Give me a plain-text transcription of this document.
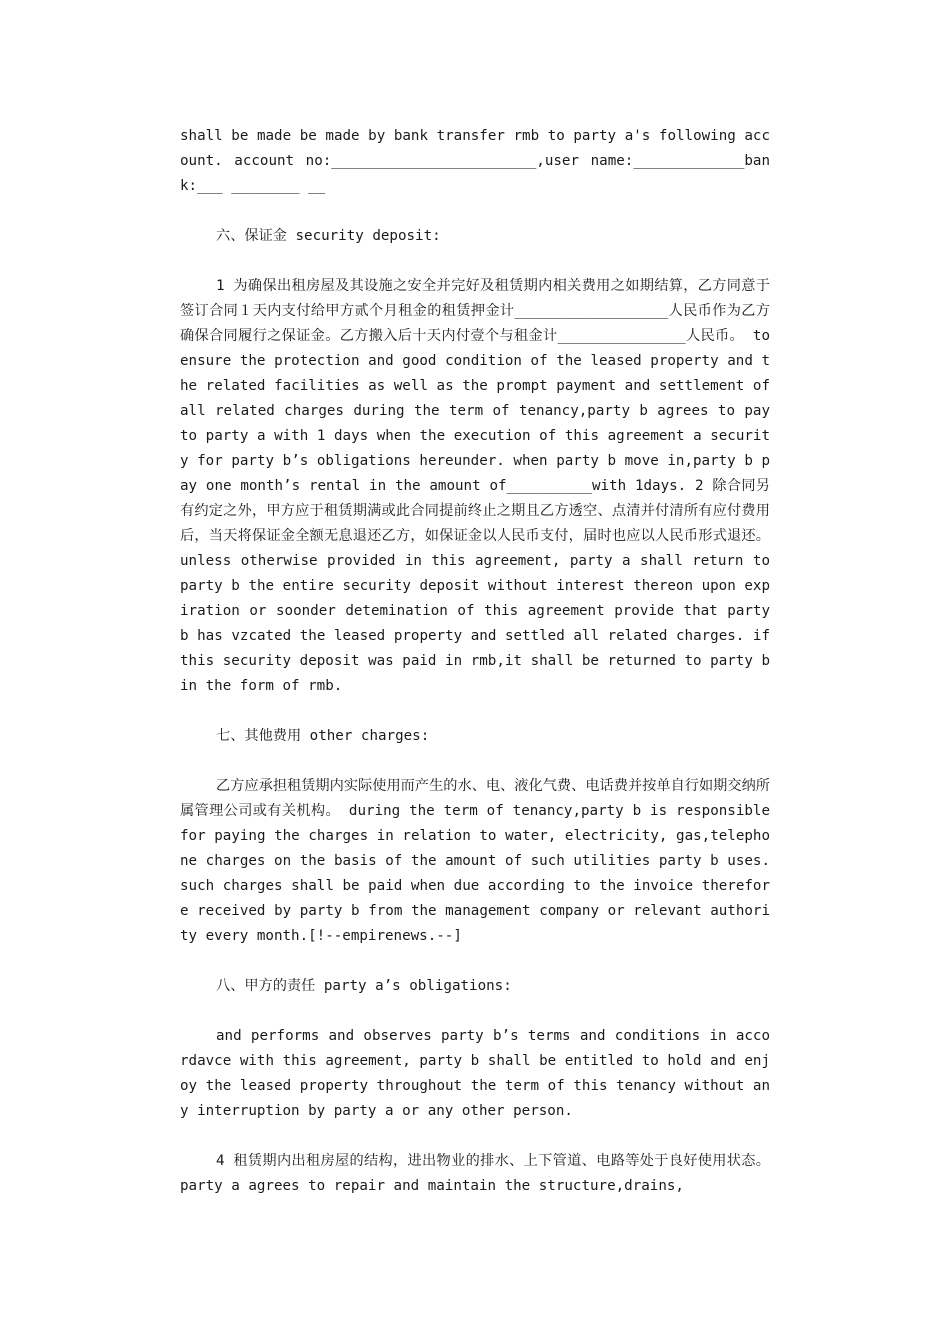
shall be made be made by bank transfer rmb to party a's following account. account no:________________________,user name:_____________bank:___ ________ __

六、保证金 security deposit:

1 为确保出租房屋及其设施之安全并完好及租赁期内相关费用之如期结算，乙方同意于签订合同１天内支付给甲方贰个月租金的租赁押金计__________________人民币作为乙方确保合同履行之保证金。乙方搬入后十天内付壹个与租金计_______________人民币。 to ensure the protection and good condition of the leased property and the related facilities as well as the prompt payment and settlement of all related charges during the term of tenancy,party b agrees to pay to party a with 1 days when the execution of this agreement a security for party b’s obligations hereunder. when party b move in,party b pay one month’s rental in the amount of__________with 1days. 2 除合同另有约定之外，甲方应于租赁期满或此合同提前终止之期且乙方透空、点清并付清所有应付费用后，当天将保证金全额无息退还乙方，如保证金以人民币支付，届时也应以人民币形式退还。 unless otherwise provided in this agreement, party a shall return to party b the entire security deposit without interest thereon upon expiration or soonder detemination of this agreement provide that party b has vzcated the leased property and settled all related charges. if this security deposit was paid in rmb,it shall be returned to party b in the form of rmb.

七、其他费用 other charges:

乙方应承担租赁期内实际使用而产生的水、电、液化气费、电话费并按单自行如期交纳所属管理公司或有关机构。 during the term of tenancy,party b is responsible for paying the charges in relation to water, electricity, gas,telephone charges on the basis of the amount of such utilities party b uses. such charges shall be paid when due according to the invoice therefore received by party b from the management company or relevant authority every month.[!--empirenews.--]

八、甲方的责任 party a’s obligations:

and performs and observes party b’s terms and conditions in accordavce with this agreement, party b shall be entitled to hold and enjoy the leased property throughout the term of this tenancy without any interruption by party a or any other person.

4 租赁期内出租房屋的结构，进出物业的排水、上下管道、电路等处于良好使用状态。 party a agrees to repair and maintain the structure,drains,
